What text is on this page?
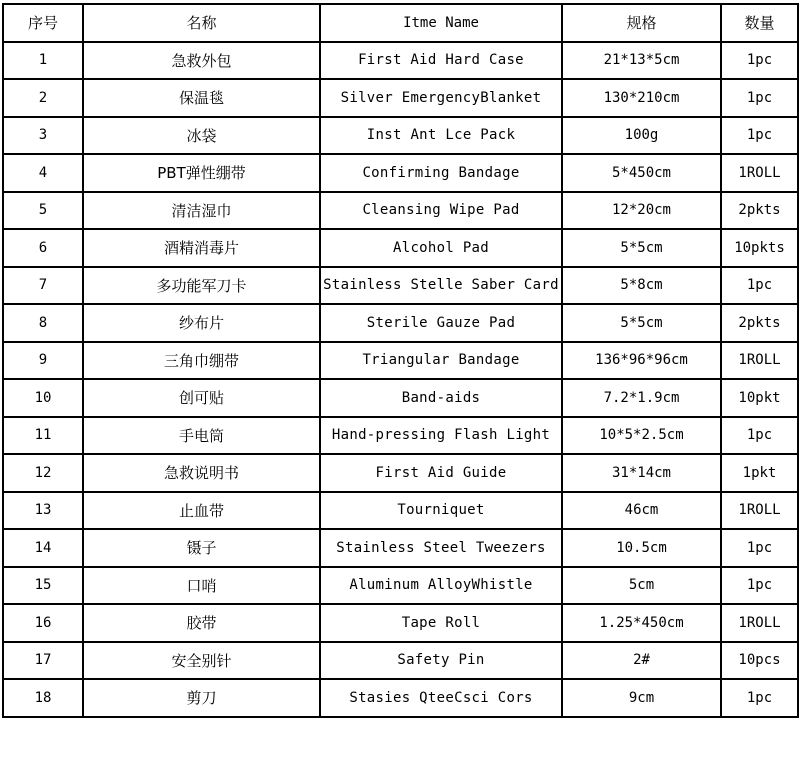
序号	名称	Itme Name	规格	数量
1	急救外包	First Aid Hard Case	21*13*5cm	1pc
2	保温毯	Silver EmergencyBlanket	130*210cm	1pc
3	冰袋	Inst Ant Lce Pack	100g	1pc
4	PBT弹性绷带	Confirming Bandage	5*450cm	1ROLL
5	清洁湿巾	Cleansing Wipe Pad	12*20cm	2pkts
6	酒精消毒片	Alcohol Pad	5*5cm	10pkts
7	多功能军刀卡	Stainless Stelle Saber Card	5*8cm	1pc
8	纱布片	Sterile Gauze Pad	5*5cm	2pkts
9	三角巾绷带	Triangular Bandage	136*96*96cm	1ROLL
10	创可贴	Band-aids	7.2*1.9cm	10pkt
11	手电筒	Hand-pressing Flash Light	10*5*2.5cm	1pc
12	急救说明书	First Aid Guide	31*14cm	1pkt
13	止血带	Tourniquet	46cm	1ROLL
14	镊子	Stainless Steel Tweezers	10.5cm	1pc
15	口哨	Aluminum AlloyWhistle	5cm	1pc
16	胶带	Tape Roll	1.25*450cm	1ROLL
17	安全别针	Safety Pin	2#	10pcs
18	剪刀	Stasies QteeCsci Cors	9cm	1pc
